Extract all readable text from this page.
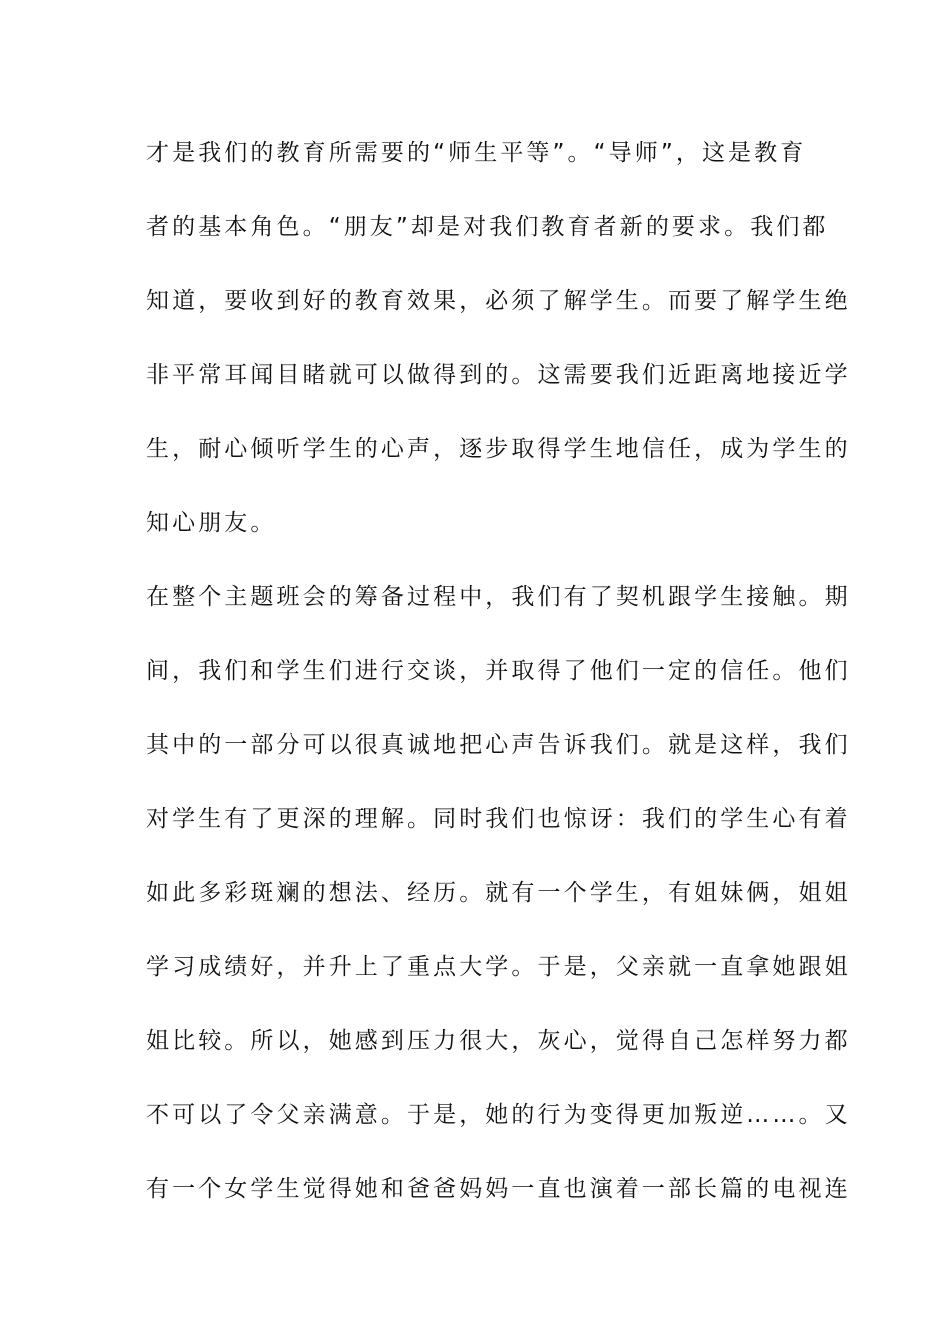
才是我们的教育所需要的“师生平等”。“导师”，这是教育
者的基本角色。“朋友”却是对我们教育者新的要求。我们都
知道，要收到好的教育效果，必须了解学生。而要了解学生绝
非平常耳闻目睹就可以做得到的。这需要我们近距离地接近学
生，耐心倾听学生的心声，逐步取得学生地信任，成为学生的
知心朋友。
在整个主题班会的筹备过程中，我们有了契机跟学生接触。期
间，我们和学生们进行交谈，并取得了他们一定的信任。他们
其中的一部分可以很真诚地把心声告诉我们。就是这样，我们
对学生有了更深的理解。同时我们也惊讶：我们的学生心有着
如此多彩斑斓的想法、经历。就有一个学生，有姐妹俩，姐姐
学习成绩好，并升上了重点大学。于是，父亲就一直拿她跟姐
姐比较。所以，她感到压力很大，灰心，觉得自己怎样努力都
不可以了令父亲满意。于是，她的行为变得更加叛逆……。又
有一个女学生觉得她和爸爸妈妈一直也演着一部长篇的电视连
